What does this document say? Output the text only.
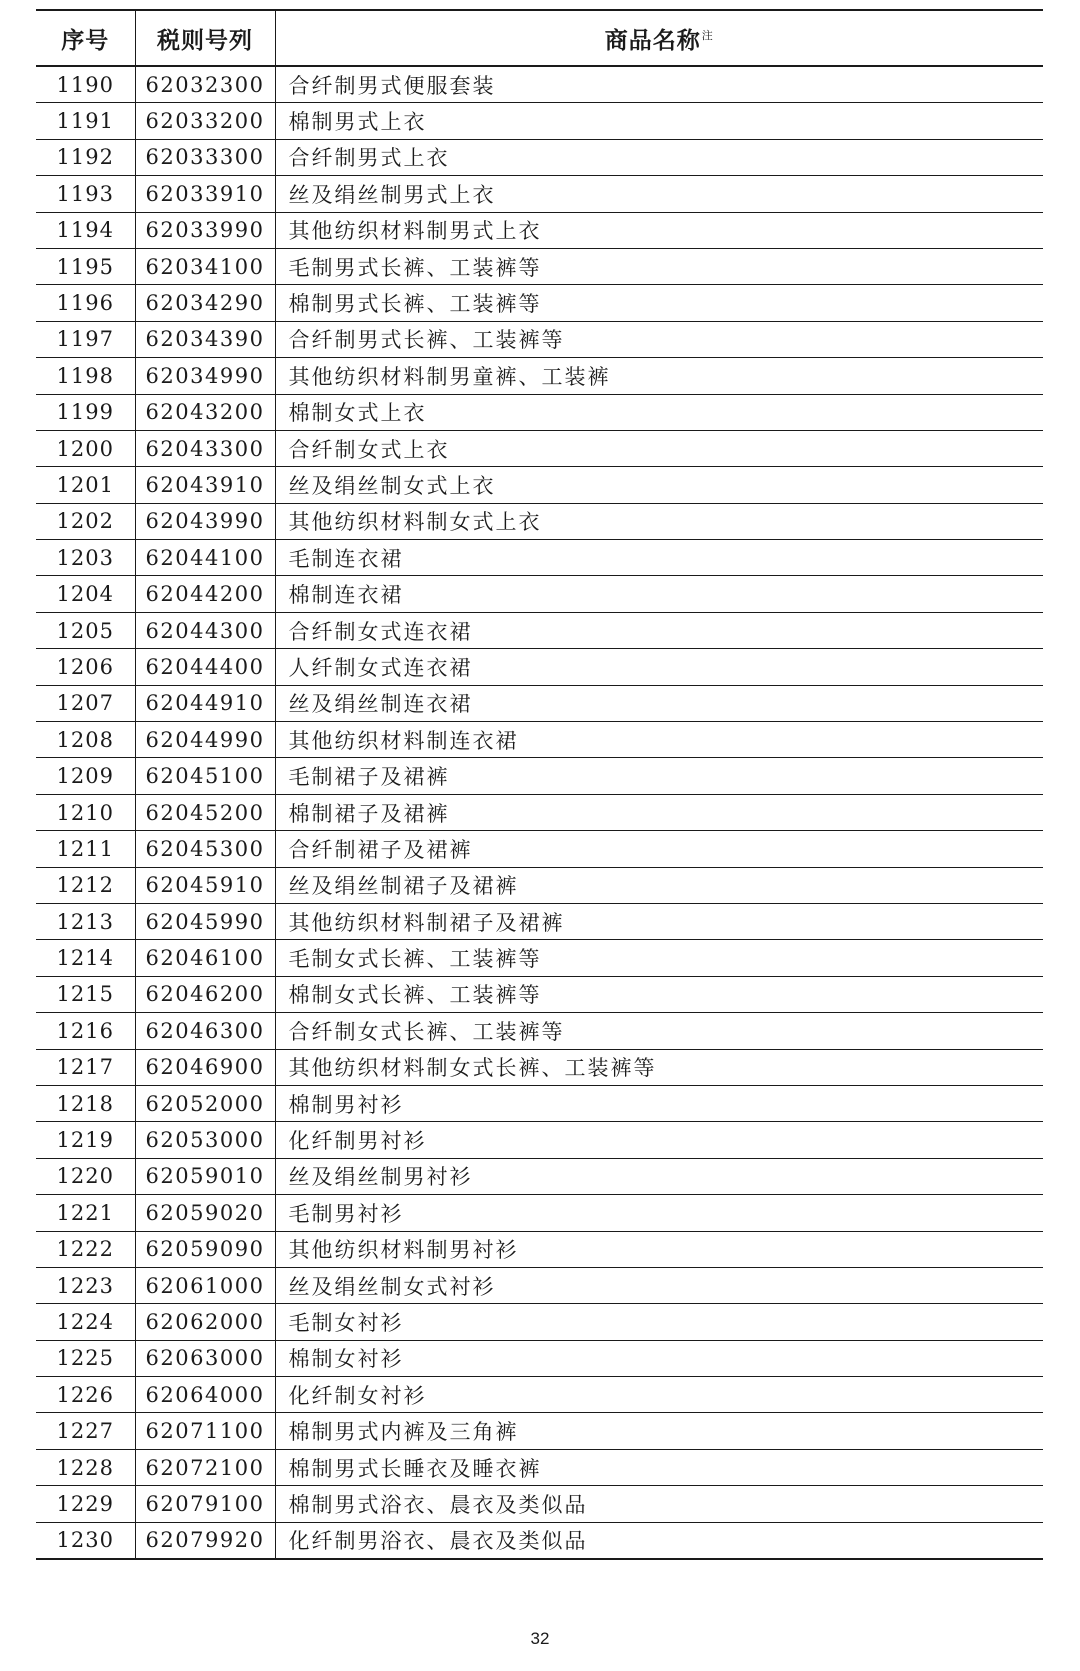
序号	税则号列	商品名称$^注$
1190	62032300	合纤制男式便服套装
1191	62033200	棉制男式上衣
1192	62033300	合纤制男式上衣
1193	62033910	丝及绢丝制男式上衣
1194	62033990	其他纺织材料制男式上衣
1195	62034100	毛制男式长裤、工装裤等
1196	62034290	棉制男式长裤、工装裤等
1197	62034390	合纤制男式长裤、工装裤等
1198	62034990	其他纺织材料制男童裤、工装裤
1199	62043200	棉制女式上衣
1200	62043300	合纤制女式上衣
1201	62043910	丝及绢丝制女式上衣
1202	62043990	其他纺织材料制女式上衣
1203	62044100	毛制连衣裙
1204	62044200	棉制连衣裙
1205	62044300	合纤制女式连衣裙
1206	62044400	人纤制女式连衣裙
1207	62044910	丝及绢丝制连衣裙
1208	62044990	其他纺织材料制连衣裙
1209	62045100	毛制裙子及裙裤
1210	62045200	棉制裙子及裙裤
1211	62045300	合纤制裙子及裙裤
1212	62045910	丝及绢丝制裙子及裙裤
1213	62045990	其他纺织材料制裙子及裙裤
1214	62046100	毛制女式长裤、工装裤等
1215	62046200	棉制女式长裤、工装裤等
1216	62046300	合纤制女式长裤、工装裤等
1217	62046900	其他纺织材料制女式长裤、工装裤等
1218	62052000	棉制男衬衫
1219	62053000	化纤制男衬衫
1220	62059010	丝及绢丝制男衬衫
1221	62059020	毛制男衬衫
1222	62059090	其他纺织材料制男衬衫
1223	62061000	丝及绢丝制女式衬衫
1224	62062000	毛制女衬衫
1225	62063000	棉制女衬衫
1226	62064000	化纤制女衬衫
1227	62071100	棉制男式内裤及三角裤
1228	62072100	棉制男式长睡衣及睡衣裤
1229	62079100	棉制男式浴衣、晨衣及类似品
1230	62079920	化纤制男浴衣、晨衣及类似品
32
